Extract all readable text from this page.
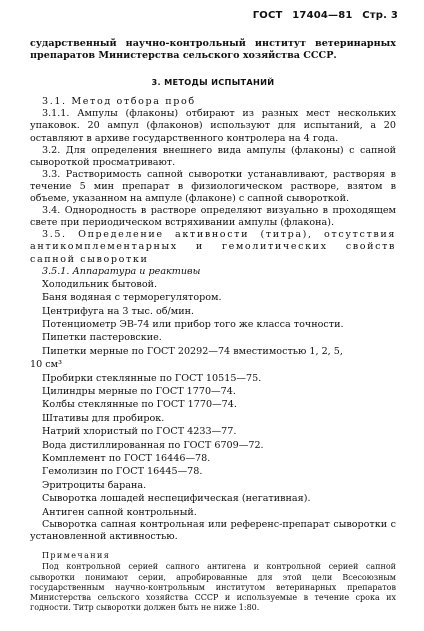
ГОСТ 17404—81 Стр. 3

сударственный научно-контрольный институт ветеринарных препаратов Министерства сельского хозяйства СССР.

3. МЕТОДЫ ИСПЫТАНИЙ

3.1. Метод отбора проб

3.1.1. Ампулы (флаконы) отбирают из разных мест нескольких упаковок. 20 ампул (флаконов) используют для испытаний, а 20 оставляют в архиве государственного контролера на 4 года.

3.2. Для определения внешнего вида ампулы (флаконы) с сапной сывороткой просматривают.

3.3. Растворимость сапной сыворотки устанавливают, растворяя в течение 5 мин препарат в физиологическом растворе, взятом в объеме, указанном на ампуле (флаконе) с сапной сывороткой.

3.4. Однородность в растворе определяют визуально в проходящем свете при периодическом встряхивании ампулы (флакона).

3.5. Определение активности (титра), отсутствия антикомплементарных и гемолитических свойств сапной сыворотки

3.5.1. Аппаратура и реактивы

Холодильник бытовой.
Баня водяная с терморегулятором.
Центрифуга на 3 тыс. об/мин.
Потенциометр ЭВ-74 или прибор того же класса точности.
Пипетки пастеровские.
Пипетки мерные по ГОСТ 20292—74 вместимостью 1, 2, 5,
10 см³
Пробирки стеклянные по ГОСТ 10515—75.
Цилиндры мерные по ГОСТ 1770—74.
Колбы стеклянные по ГОСТ 1770—74.
Штативы для пробирок.
Натрий хлористый по ГОСТ 4233—77.
Вода дистиллированная по ГОСТ 6709—72.
Комплемент по ГОСТ 16446—78.
Гемолизин по ГОСТ 16445—78.
Эритроциты барана.
Сыворотка лошадей неспецифическая (негативная).
Антиген сапной контрольный.

Сыворотка сапная контрольная или референс-препарат сыворотки с установленной активностью.

Примечания
Под контрольной серией сапного антигена и контрольной серией сапной сыворотки понимают серии, апробированные для этой цели Всесоюзным государственным научно-контрольным институтом ветеринарных препаратов Министерства сельского хозяйства СССР и используемые в течение срока их годности. Титр сыворотки должен быть не ниже 1:80.
